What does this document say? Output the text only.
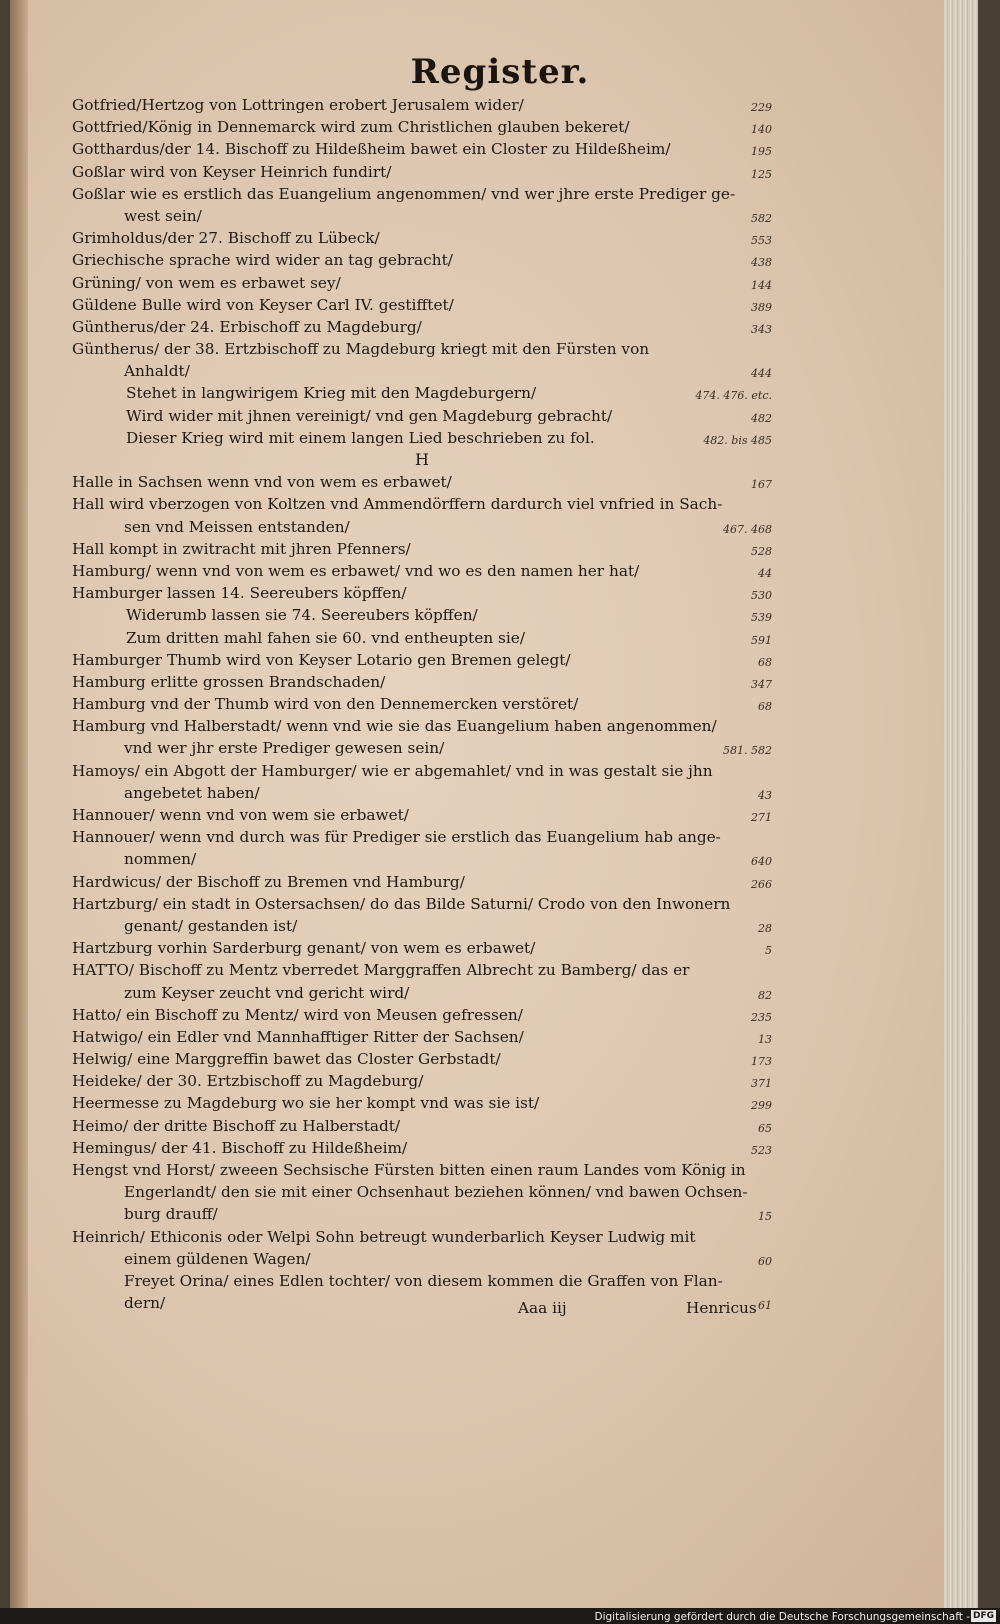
Register.
Gotfried/Hertzog von Lottringen erobert Jerusalem wider/	229
Gottfried/König in Dennemarck wird zum Christlichen glauben bekeret/	140
Gotthardus/der 14. Bischoff zu Hildeßheim bawet ein Closter zu Hildeßheim/	195
Goßlar wird von Keyser Heinrich fundirt/	125
Goßlar wie es erstlich das Euangelium angenommen/ vnd wer jhre erste Prediger ge-
west sein/	582
Grimholdus/der 27. Bischoff zu Lübeck/	553
Griechische sprache wird wider an tag gebracht/	438
Grüning/ von wem es erbawet sey/	144
Güldene Bulle wird von Keyser Carl IV. gestifftet/	389
Güntherus/der 24. Erbischoff zu Magdeburg/	343
Güntherus/ der 38. Ertzbischoff zu Magdeburg kriegt mit den Fürsten von
Anhaldt/	444
Stehet in langwirigem Krieg mit den Magdeburgern/	474. 476. etc.
Wird wider mit jhnen vereinigt/ vnd gen Magdeburg gebracht/	482
Dieser Krieg wird mit einem langen Lied beschrieben zu fol.	482. bis 485
H
Halle in Sachsen wenn vnd von wem es erbawet/	167
Hall wird vberzogen von Koltzen vnd Ammendörffern dardurch viel vnfried in Sach-
sen vnd Meissen entstanden/	467. 468
Hall kompt in zwitracht mit jhren Pfenners/	528
Hamburg/ wenn vnd von wem es erbawet/ vnd wo es den namen her hat/	44
Hamburger lassen 14. Seereubers köpffen/	530
Widerumb lassen sie 74. Seereubers köpffen/	539
Zum dritten mahl fahen sie 60. vnd entheupten sie/	591
Hamburger Thumb wird von Keyser Lotario gen Bremen gelegt/	68
Hamburg erlitte grossen Brandschaden/	347
Hamburg vnd der Thumb wird von den Dennemercken verstöret/	68
Hamburg vnd Halberstadt/ wenn vnd wie sie das Euangelium haben angenommen/
vnd wer jhr erste Prediger gewesen sein/	581. 582
Hamoys/ ein Abgott der Hamburger/ wie er abgemahlet/ vnd in was gestalt sie jhn
angebetet haben/	43
Hannouer/ wenn vnd von wem sie erbawet/	271
Hannouer/ wenn vnd durch was für Prediger sie erstlich das Euangelium hab ange-
nommen/	640
Hardwicus/ der Bischoff zu Bremen vnd Hamburg/	266
Hartzburg/ ein stadt in Ostersachsen/ do das Bilde Saturni/ Crodo von den Inwonern
genant/ gestanden ist/	28
Hartzburg vorhin Sarderburg genant/ von wem es erbawet/	5
HATTO/ Bischoff zu Mentz vberredet Marggraffen Albrecht zu Bamberg/ das er
zum Keyser zeucht vnd gericht wird/	82
Hatto/ ein Bischoff zu Mentz/ wird von Meusen gefressen/	235
Hatwigo/ ein Edler vnd Mannhafftiger Ritter der Sachsen/	13
Helwig/ eine Marggreffin bawet das Closter Gerbstadt/	173
Heideke/ der 30. Ertzbischoff zu Magdeburg/	371
Heermesse zu Magdeburg wo sie her kompt vnd was sie ist/	299
Heimo/ der dritte Bischoff zu Halberstadt/	65
Hemingus/ der 41. Bischoff zu Hildeßheim/	523
Hengst vnd Horst/ zweeen Sechsische Fürsten bitten einen raum Landes vom König in
Engerlandt/ den sie mit einer Ochsenhaut beziehen können/ vnd bawen Ochsen-
burg drauff/	15
Heinrich/ Ethiconis oder Welpi Sohn betreugt wunderbarlich Keyser Ludwig mit
einem güldenen Wagen/	60
Freyet Orina/ eines Edlen tochter/ von diesem kommen die Graffen von Flan-
dern/	61
Aaa iij	Henricus
Digitalisierung gefördert durch die Deutsche Forschungsgemeinschaft - DFG
